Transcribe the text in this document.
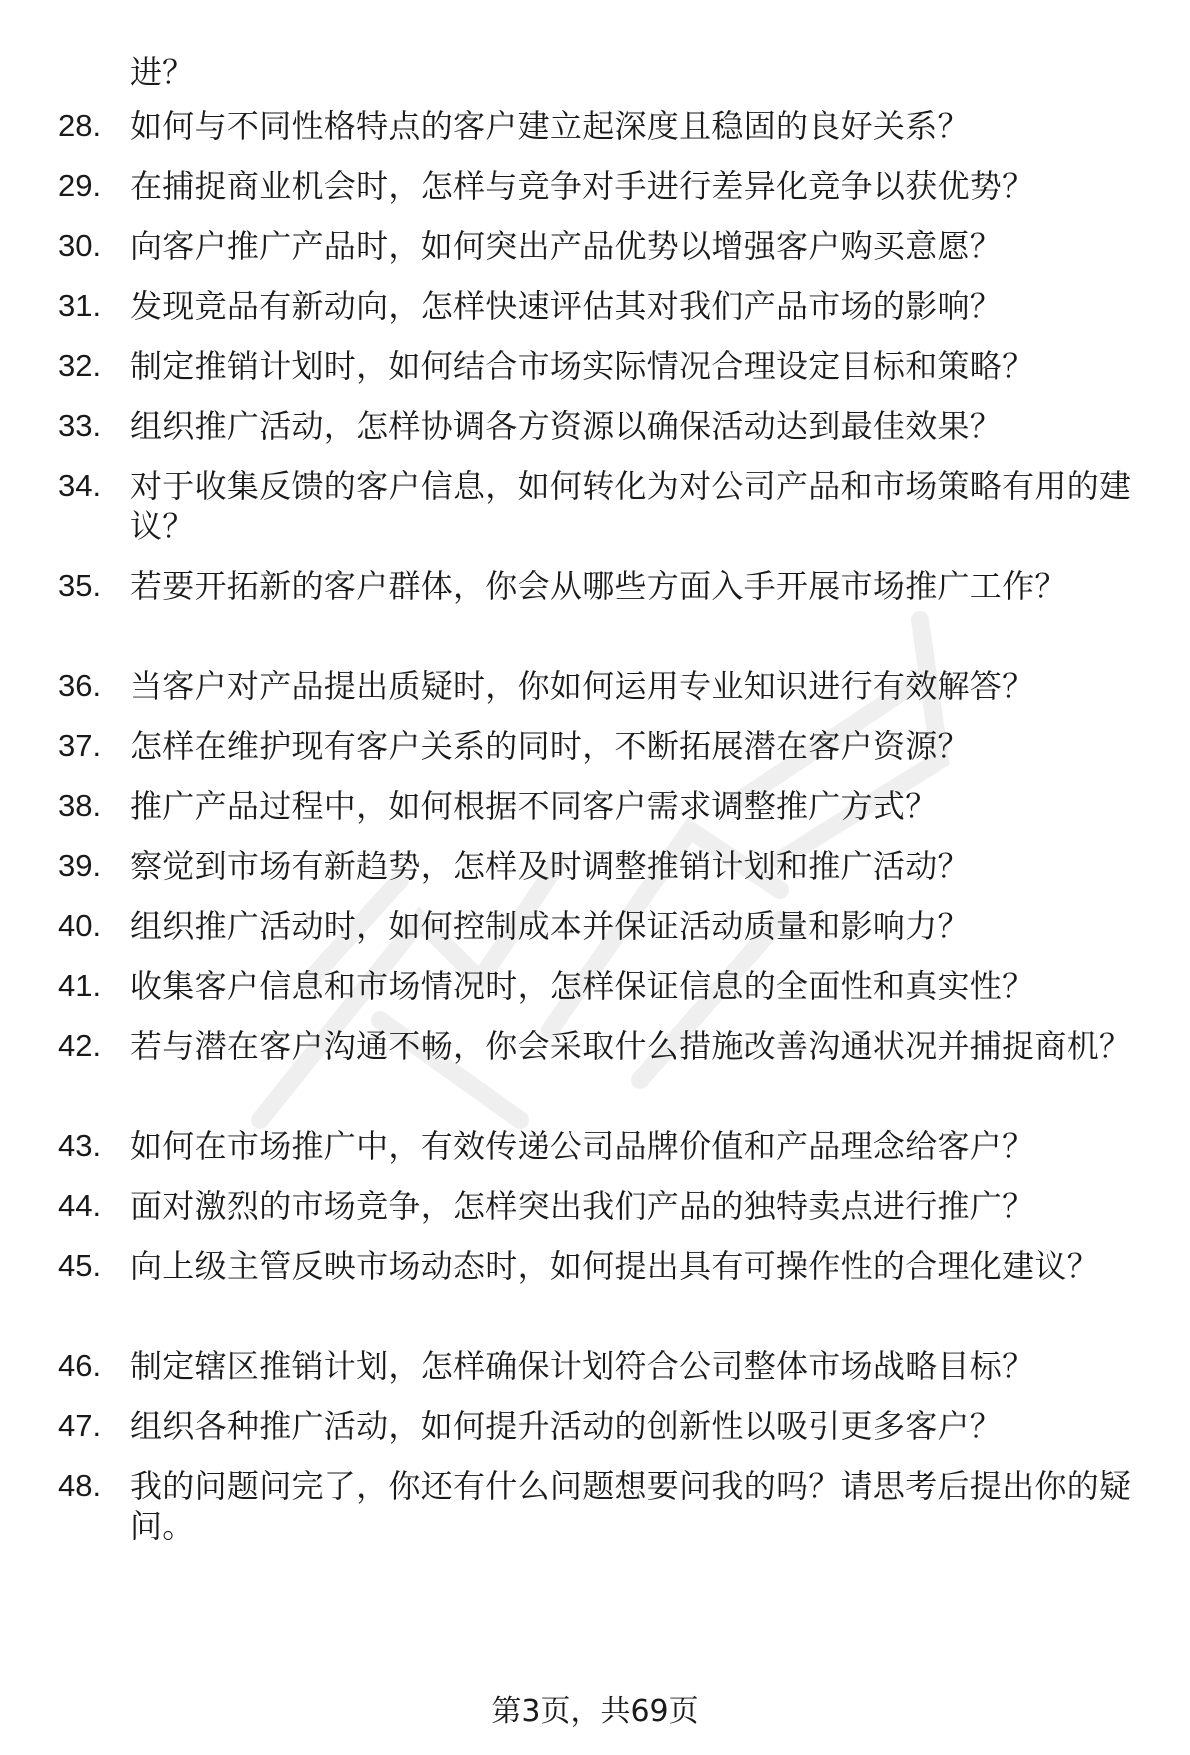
进？
28. 如何与不同性格特点的客户建立起深度且稳固的良好关系？
29. 在捕捉商业机会时，怎样与竞争对手进行差异化竞争以获优势？
30. 向客户推广产品时，如何突出产品优势以增强客户购买意愿？
31. 发现竞品有新动向，怎样快速评估其对我们产品市场的影响？
32. 制定推销计划时，如何结合市场实际情况合理设定目标和策略？
33. 组织推广活动，怎样协调各方资源以确保活动达到最佳效果？
34. 对于收集反馈的客户信息，如何转化为对公司产品和市场策略有用的建议？
35. 若要开拓新的客户群体，你会从哪些方面入手开展市场推广工作？
36. 当客户对产品提出质疑时，你如何运用专业知识进行有效解答？
37. 怎样在维护现有客户关系的同时，不断拓展潜在客户资源？
38. 推广产品过程中，如何根据不同客户需求调整推广方式？
39. 察觉到市场有新趋势，怎样及时调整推销计划和推广活动？
40. 组织推广活动时，如何控制成本并保证活动质量和影响力？
41. 收集客户信息和市场情况时，怎样保证信息的全面性和真实性？
42. 若与潜在客户沟通不畅，你会采取什么措施改善沟通状况并捕捉商机？
43. 如何在市场推广中，有效传递公司品牌价值和产品理念给客户？
44. 面对激烈的市场竞争，怎样突出我们产品的独特卖点进行推广？
45. 向上级主管反映市场动态时，如何提出具有可操作性的合理化建议？
46. 制定辖区推销计划，怎样确保计划符合公司整体市场战略目标？
47. 组织各种推广活动，如何提升活动的创新性以吸引更多客户？
48. 我的问题问完了，你还有什么问题想要问我的吗？请思考后提出你的疑问。
第3页，共69页
